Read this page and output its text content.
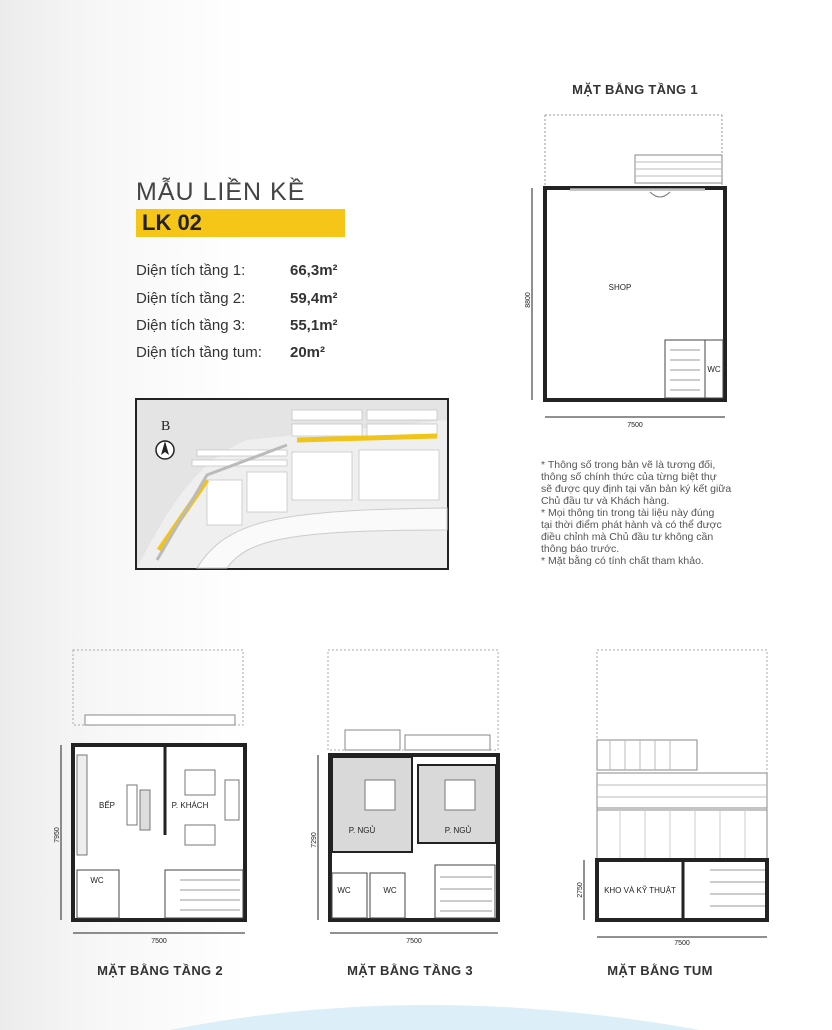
MẪU LIỀN KỀ
LK 02
Diện tích tầng 1:	66,3m²
Diện tích tầng 2:	59,4m²
Diện tích tầng 3:	55,1m²
Diện tích tầng tum: 20m²
B
MẶT BẰNG TẦNG 1
SHOP
WC
7500
8800
* Thông số trong bản vẽ là tương đối,
thông số chính thức của từng biệt thự
sẽ được quy định tại văn bản ký kết giữa
Chủ đầu tư và Khách hàng.
* Mọi thông tin trong tài liệu này đúng
tại thời điểm phát hành và có thể được
điều chỉnh mà Chủ đầu tư không cần
thông báo trước.
* Mặt bằng có tính chất tham khảo.
BẾP	P. KHÁCH
WC
7500
7950
MẶT BẰNG TẦNG 2
P. NGỦ	P. NGỦ
WC	WC
7500
7290
MẶT BẰNG TẦNG 3
KHO VÀ KỸ THUẬT
7500
2750
MẶT BẰNG TUM
